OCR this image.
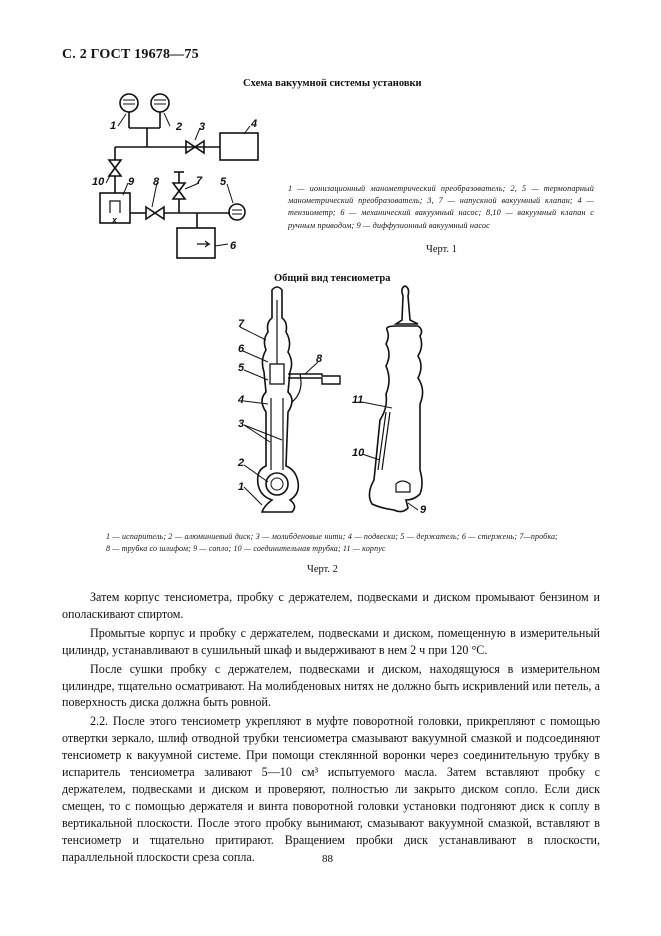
С. 2 ГОСТ 19678—75
Схема вакуумной системы установки
1	2 3	4
5
6
7
8
9
10
x
1 — ионизационный манометрический преобразователь; 2, 5 — термопарный манометрический преобразователь; 3, 7 — напускной вакуумный клапан; 4 — тензиометр; 6 — механический вакуумный насос; 8,10 — вакуумный клапан с ручным приводом; 9 — диффузионный вакуумный насос
Черт. 1
Общий вид тенсиометра
1
2
3
4
5
6
7
8
9
10
11
1 — испаритель; 2 — алюминиевый диск; 3 — молибденовые нити; 4 — подвески; 5 — держатель; 6 — стержень; 7—пробка; 8 — трубка со шлифом; 9 — сопло; 10 — соединительная трубка; 11 — корпус
Черт. 2

Затем корпус тенсиометра, пробку с держателем, подвесками и диском промывают бензином и ополаскивают спиртом.

Промытые корпус и пробку с держателем, подвесками и диском, помещенную в измерительный цилиндр, устанавливают в сушильный шкаф и выдерживают в нем 2 ч при 120 °С.

После сушки пробку с держателем, подвесками и диском, находящуюся в измерительном цилиндре, тщательно осматривают. На молибденовых нитях не должно быть искривлений или петель, а поверхность диска должна быть ровной.

2.2. После этого тенсиометр укрепляют в муфте поворотной головки, прикрепляют с помощью отвертки зеркало, шлиф отводной трубки тенсиометра смазывают вакуумной смазкой и подсоединяют тенсиометр к вакуумной системе. При помощи стеклянной воронки через соединительную трубку в испаритель тенсиометра заливают 5—10 см³ испытуемого масла. Затем вставляют пробку с держателем, подвесками и диском и проверяют, полностью ли закрыто диском сопло. Если диск смещен, то с помощью держателя и винта поворотной головки установки подгоняют диск к соплу в вертикальной плоскости. После этого пробку вынимают, смазывают вакуумной смазкой, вставляют в тенсиометр и тщательно притирают. Вращением пробки диск устанавливают в плоскости, параллельной плоскости среза сопла.	88
